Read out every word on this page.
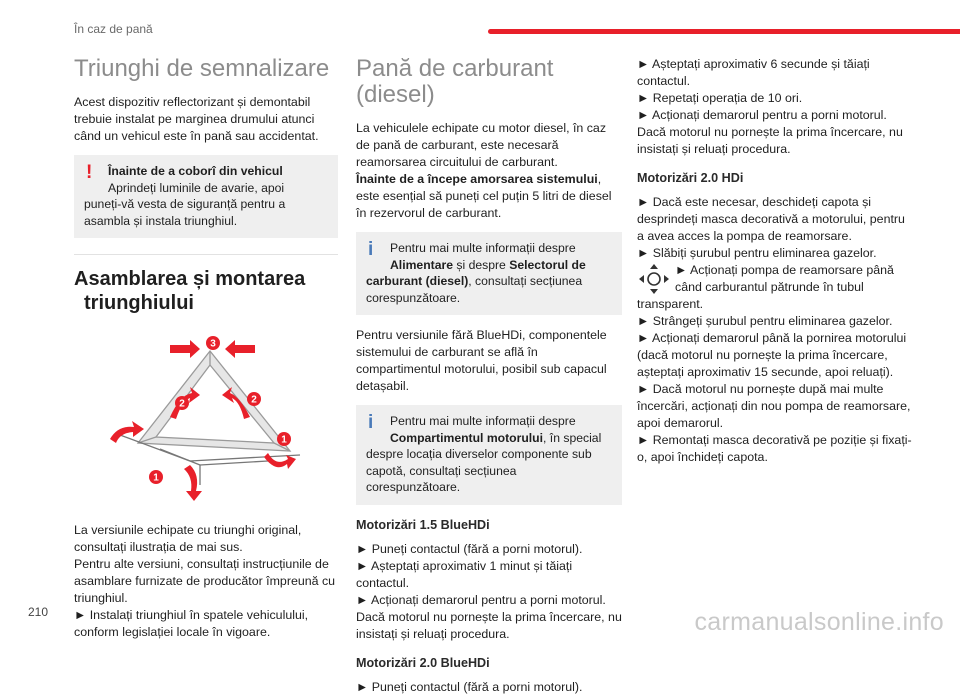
În caz de pană
Triunghi de semnalizare

Acest dispozitiv reflectorizant și demontabil trebuie instalat pe marginea drumului atunci când un vehicul este în pană sau accidentat.

! Înainte de a coborî din vehicul

Aprindeți luminile de avarie, apoi

puneți-vă vesta de siguranță pentru a asambla și instala triunghiul.

Asamblarea și montarea
triunghiului
3
2	2
1
1

La versiunile echipate cu triunghi original, consultați ilustrația de mai sus.

Pentru alte versiuni, consultați instrucțiunile de asamblare furnizate de producător împreună cu triunghiul.

► Instalați triunghiul în spatele vehiculului, conform legislației locale în vigoare.

Pană de carburant
(diesel)

La vehiculele echipate cu motor diesel, în caz de pană de carburant, este necesară reamorsarea circuitului de carburant.

Înainte de a începe amorsarea sistemului, este esențial să puneți cel puțin 5 litri de diesel în rezervorul de carburant.

i Pentru mai multe informații despre
Alimentare și despre Selectorul de

carburant (diesel), consultați secțiunea corespunzătoare.

Pentru versiunile fără BlueHDi, componentele sistemului de carburant se află în compartimentul motorului, posibil sub capacul detașabil.

i Pentru mai multe informații despre
Compartimentul motorului, în special

despre locația diverselor componente sub capotă, consultați secțiunea corespunzătoare.

Motorizări 1.5 BlueHDi

► Puneți contactul (fără a porni motorul).

► Așteptați aproximativ 1 minut și tăiați contactul.

► Acționați demarorul pentru a porni motorul.

Dacă motorul nu pornește la prima încercare, nu insistați și reluați procedura.

Motorizări 2.0 BlueHDi

► Puneți contactul (fără a porni motorul).

► Așteptați aproximativ 6 secunde și tăiați contactul.

► Repetați operația de 10 ori.

► Acționați demarorul pentru a porni motorul.

Dacă motorul nu pornește la prima încercare, nu insistați și reluați procedura.

Motorizări 2.0 HDi

► Dacă este necesar, deschideți capota și desprindeți masca decorativă a motorului, pentru a avea acces la pompa de reamorsare.

► Slăbiți șurubul pentru eliminarea gazelor.

► Acționați pompa de reamorsare până când carburantul pătrunde în tubul

transparent.

► Strângeți șurubul pentru eliminarea gazelor.

► Acționați demarorul până la pornirea motorului (dacă motorul nu pornește la prima încercare, așteptați aproximativ 15 secunde, apoi reluați).

► Dacă motorul nu pornește după mai multe încercări, acționați din nou pompa de reamorsare, apoi demarorul.

► Remontați masca decorativă pe poziție și fixați-o, apoi închideți capota.

210	carmanualsonline.info
